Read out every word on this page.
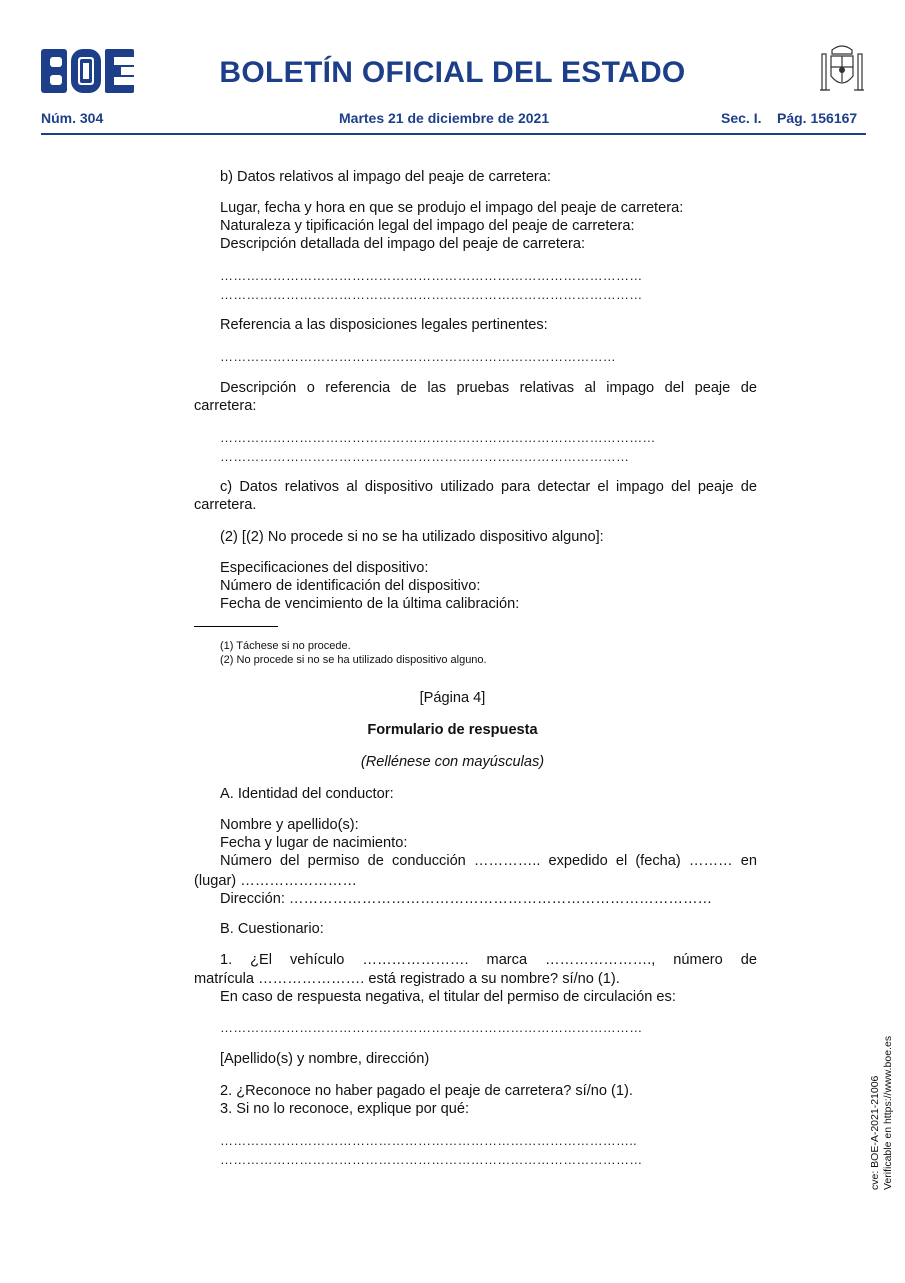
BOLETÍN OFICIAL DEL ESTADO
Núm. 304	Martes 21 de diciembre de 2021	Sec. I. Pág. 156167
b) Datos relativos al impago del peaje de carretera:
Lugar, fecha y hora en que se produjo el impago del peaje de carretera:
Naturaleza y tipificación legal del impago del peaje de carretera:
Descripción detallada del impago del peaje de carretera:
……………………………………………………………………………………
……………………………………………………………………………………
Referencia a las disposiciones legales pertinentes:
………………………………………………………………………………
Descripción o referencia de las pruebas relativas al impago del peaje de
carretera:
………………………………………………………………………………………
…………………………………………………………………………………
c) Datos relativos al dispositivo utilizado para detectar el impago del peaje de
carretera.
(2) [(2) No procede si no se ha utilizado dispositivo alguno]:
Especificaciones del dispositivo:
Número de identificación del dispositivo:
Fecha de vencimiento de la última calibración:
(1) Táchese si no procede.
(2) No procede si no se ha utilizado dispositivo alguno.
[Página 4]
Formulario de respuesta
(Rellénese con mayúsculas)
A. Identidad del conductor:
Nombre y apellido(s):
Fecha y lugar de nacimiento:
Número del permiso de conducción ………….. expedido el (fecha) ……… en
(lugar) ……………………
Dirección: ……………………………………………………………………………
B. Cuestionario:
1. ¿El vehículo …………………. marca …………………., número de
matrícula …………………. está registrado a su nombre? sí/no (1).
En caso de respuesta negativa, el titular del permiso de circulación es:
……………………………………………………………………………………
[Apellido(s) y nombre, dirección)
2. ¿Reconoce no haber pagado el peaje de carretera? sí/no (1).
3. Si no lo reconoce, explique por qué:
…………………………………………………………………………………..
……………………………………………………………………………………	cve: BOE-A-2021-21006 Verificable en https://www.boe.es
